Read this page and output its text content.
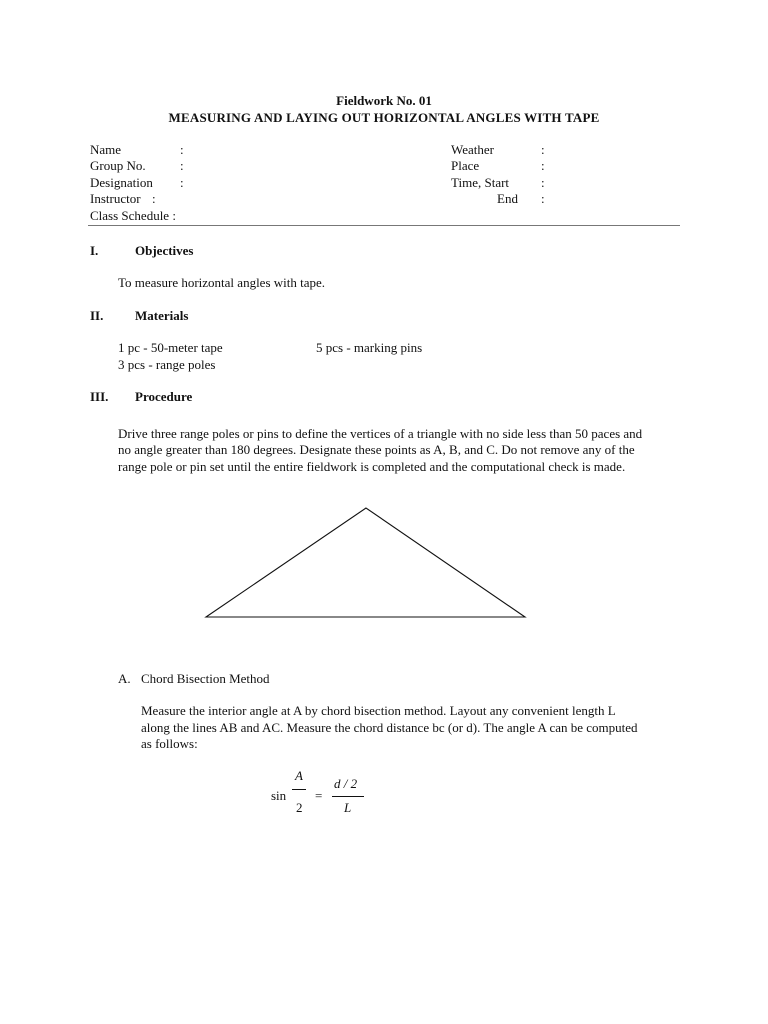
Fieldwork No. 01
MEASURING AND LAYING OUT HORIZONTAL ANGLES WITH TAPE
Name	:
Group No.	:
Designation :
Instructor :
Class Schedule :
Weather	:
Place	:
Time, Start :
End :
I.	Objectives
To measure horizontal angles with tape.
II. Materials
1 pc - 50-meter tape	5 pcs - marking pins
3 pcs - range poles
III. Procedure
Drive three range poles or pins to define the vertices of a triangle with no side less than 50 paces and
no angle greater than 180 degrees. Designate these points as A, B, and C. Do not remove any of the
range pole or pin set until the entire fieldwork is completed and the computational check is made.
A. Chord Bisection Method
Measure the interior angle at A by chord bisection method. Layout any convenient length L
along the lines AB and AC. Measure the chord distance bc (or d). The angle A can be computed
as follows:
sin
A
2
=
d / 2
L
